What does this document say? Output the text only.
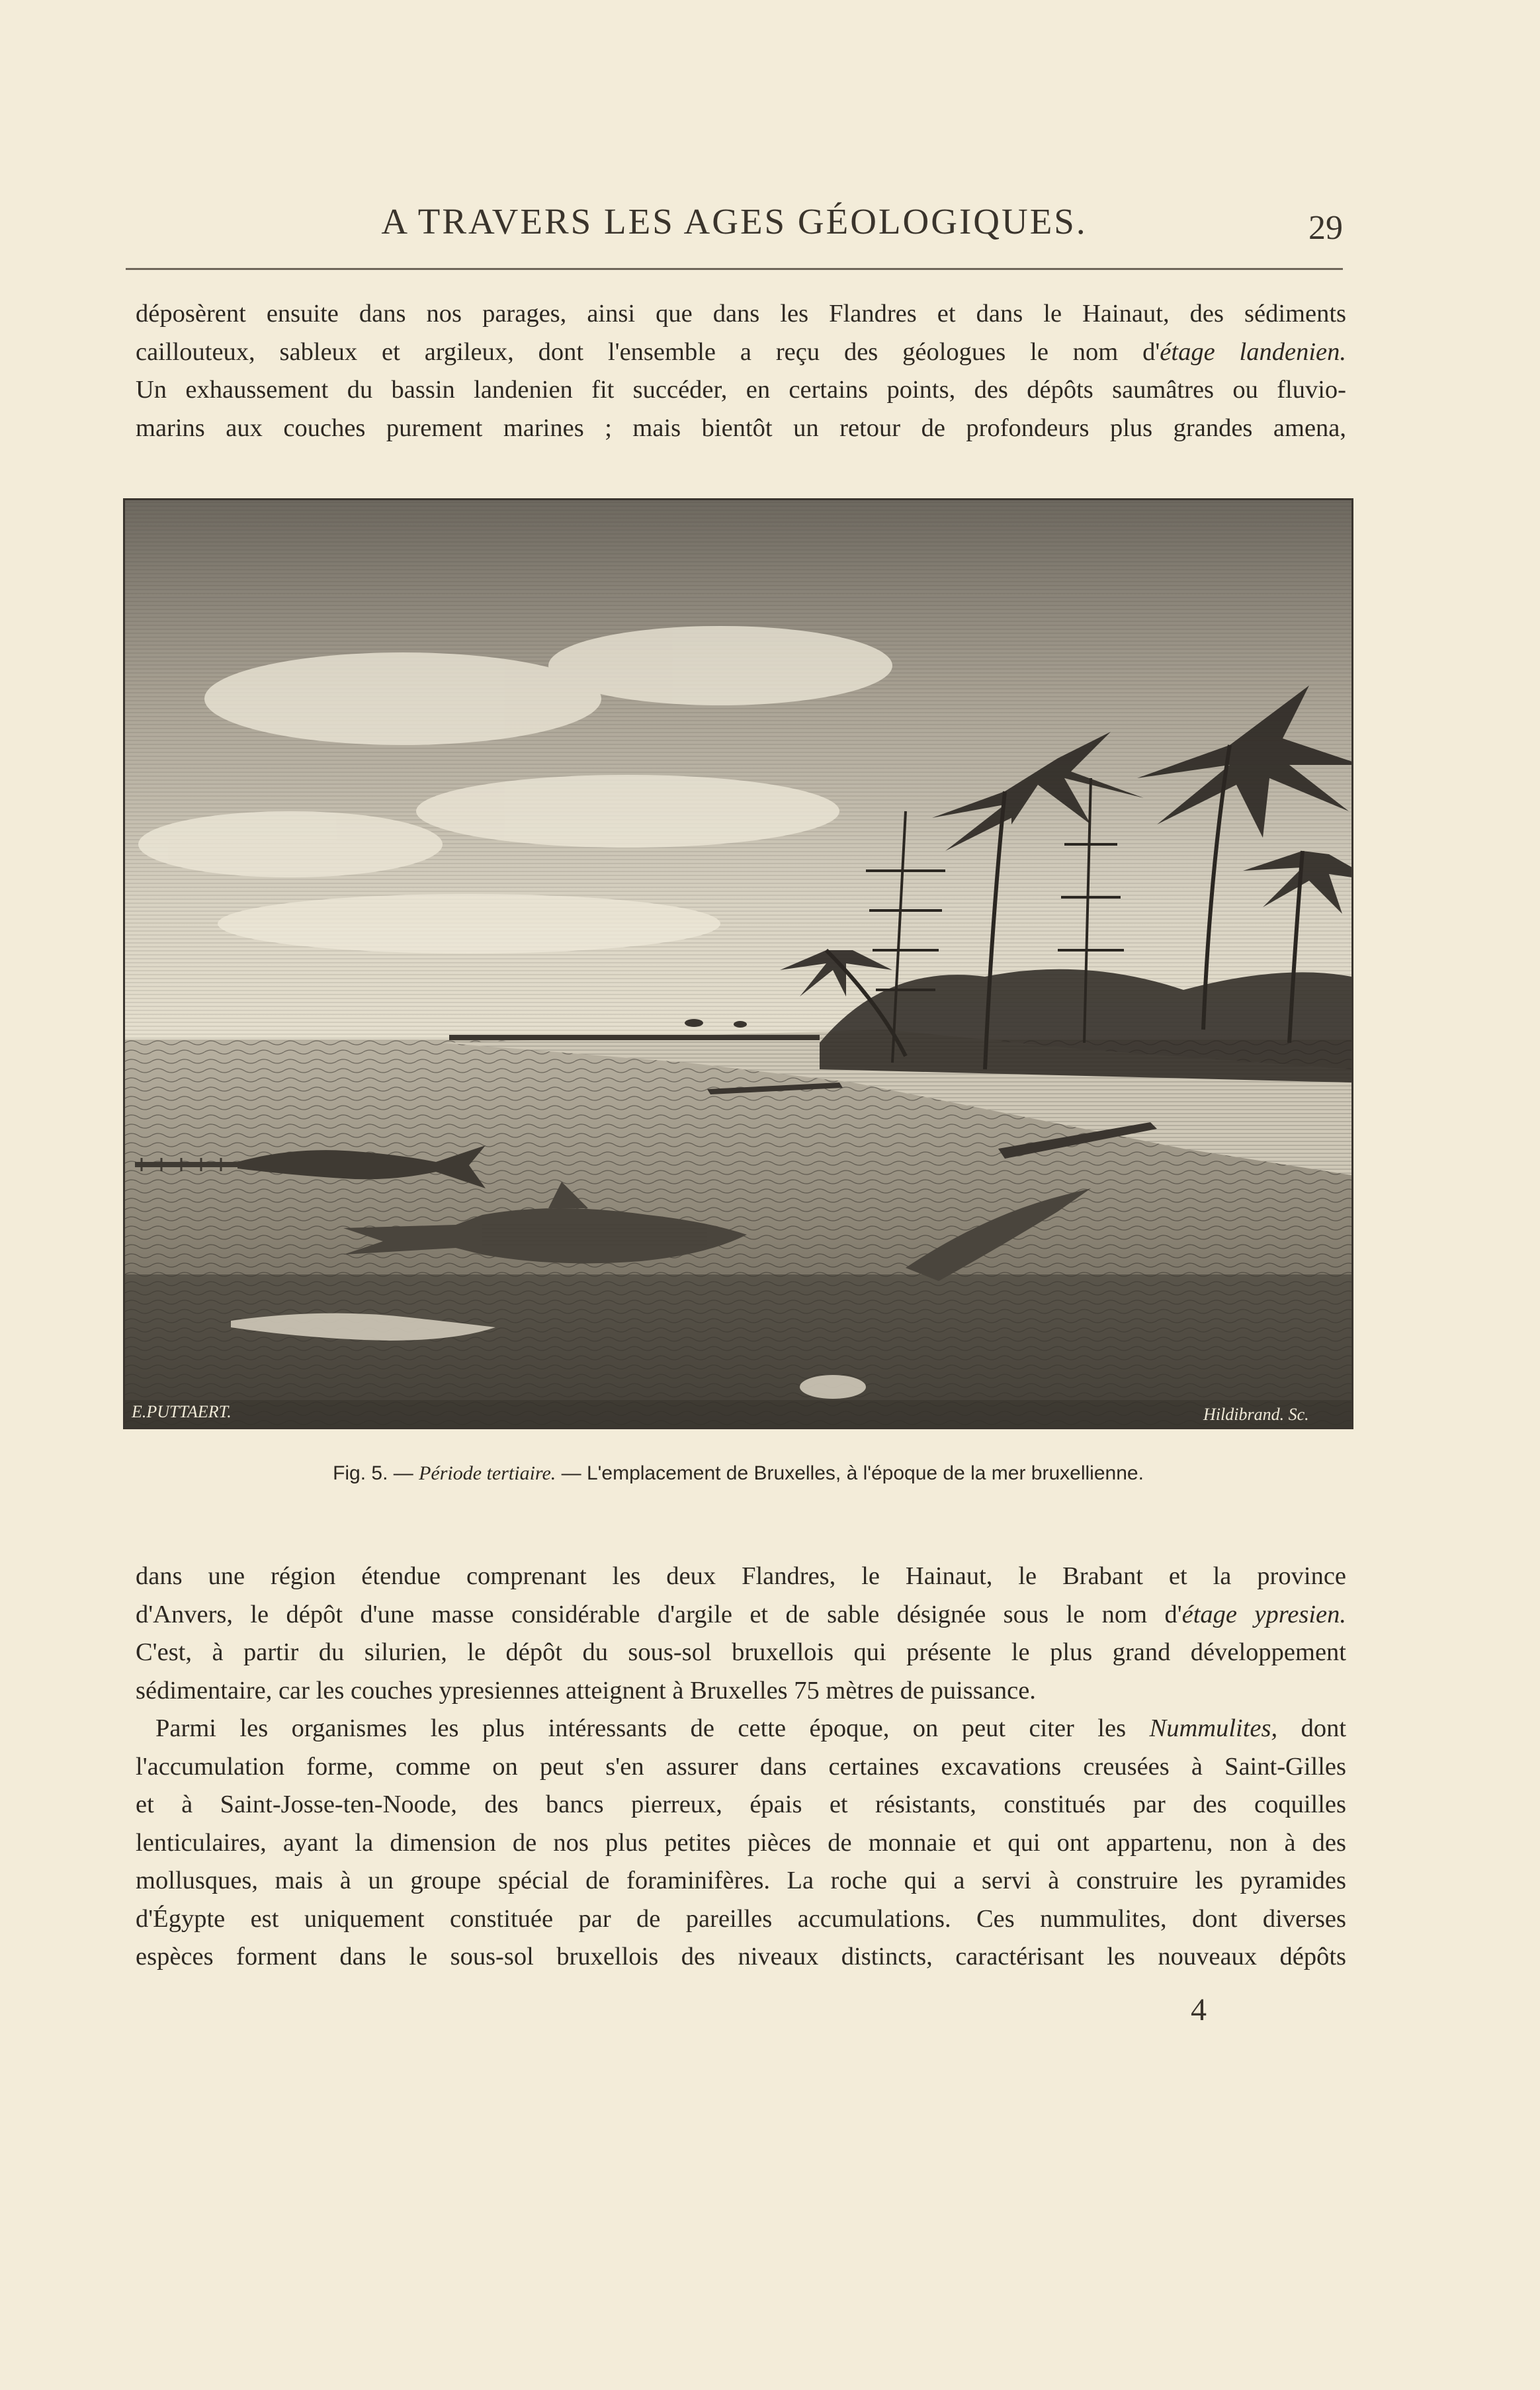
A TRAVERS LES AGES GÉOLOGIQUES.	29
déposèrent ensuite dans nos parages, ainsi que dans les Flandres et dans le Hainaut, des sédiments
caillouteux, sableux et argileux, dont l'ensemble a reçu des géologues le nom d'étage landenien.
Un exhaussement du bassin landenien fit succéder, en certains points, des dépôts saumâtres ou fluvio-
marins aux couches purement marines ; mais bientôt un retour de profondeurs plus grandes amena,
E.PUTTAERT.	Hildibrand. Sc.
Fig. 5. — Période tertiaire. — L'emplacement de Bruxelles, à l'époque de la mer bruxellienne.
dans une région étendue comprenant les deux Flandres, le Hainaut, le Brabant et la province
d'Anvers, le dépôt d'une masse considérable d'argile et de sable désignée sous le nom d'étage ypresien.
C'est, à partir du silurien, le dépôt du sous-sol bruxellois qui présente le plus grand développement
sédimentaire, car les couches ypresiennes atteignent à Bruxelles 75 mètres de puissance.
Parmi les organismes les plus intéressants de cette époque, on peut citer les Nummulites, dont
l'accumulation forme, comme on peut s'en assurer dans certaines excavations creusées à Saint-Gilles
et à Saint-Josse-ten-Noode, des bancs pierreux, épais et résistants, constitués par des coquilles
lenticulaires, ayant la dimension de nos plus petites pièces de monnaie et qui ont appartenu, non à des
mollusques, mais à un groupe spécial de foraminifères. La roche qui a servi à construire les pyramides
d'Égypte est uniquement constituée par de pareilles accumulations. Ces nummulites, dont diverses
espèces forment dans le sous-sol bruxellois des niveaux distincts, caractérisant les nouveaux dépôts
4
